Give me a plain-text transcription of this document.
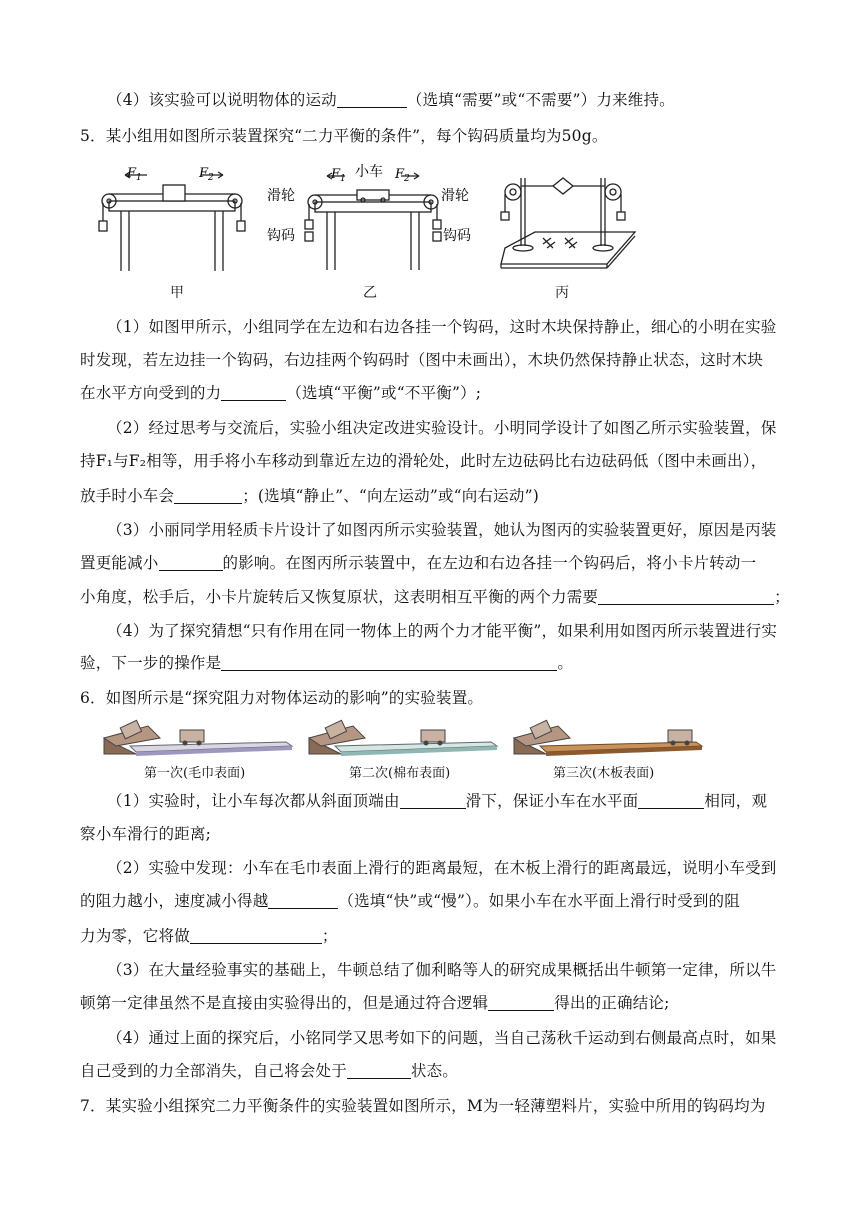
（4）该实验可以说明物体的运动	（选填“需要”或“不需要”）力来维持。
5．某小组用如图所示装置探究“二力平衡的条件”，每个钩码质量均为50g。
$F_1$	$F_2$
甲
$F_1$	$F_2$
小车
滑轮	滑轮
钩码	钩码
乙	丙
（1）如图甲所示，小组同学在左边和右边各挂一个钩码，这时木块保持静止，细心的小明在实验
时发现，若左边挂一个钩码，右边挂两个钩码时（图中未画出），木块仍然保持静止状态，这时木块
在水平方向受到的力	（选填“平衡”或“不平衡”）;
（2）经过思考与交流后，实验小组决定改进实验设计。小明同学设计了如图乙所示实验装置，保
持F₁与F₂相等，用手将小车移动到靠近左边的滑轮处，此时左边砝码比右边砝码低（图中未画出），
放手时小车会	；(选填“静止”、“向左运动”或“向右运动”)
（3）小丽同学用轻质卡片设计了如图丙所示实验装置，她认为图丙的实验装置更好，原因是丙装
置更能减小	的影响。在图丙所示装置中，在左边和右边各挂一个钩码后，将小卡片转动一
小角度，松手后，小卡片旋转后又恢复原状，这表明相互平衡的两个力需要	；
（4）为了探究猜想“只有作用在同一物体上的两个力才能平衡”，如果利用如图丙所示装置进行实
验，下一步的操作是	。
6．如图所示是“探究阻力对物体运动的影响”的实验装置。
第一次(毛巾表面)	第二次(棉布表面)	第三次(木板表面)
（1）实验时，让小车每次都从斜面顶端由	滑下，保证小车在水平面	相同，观
察小车滑行的距离;
（2）实验中发现：小车在毛巾表面上滑行的距离最短，在木板上滑行的距离最远，说明小车受到
的阻力越小，速度减小得越	（选填“快”或“慢”）。如果小车在水平面上滑行时受到的阻
力为零，它将做	；
（3）在大量经验事实的基础上，牛顿总结了伽利略等人的研究成果概括出牛顿第一定律，所以牛
顿第一定律虽然不是直接由实验得出的，但是通过符合逻辑	得出的正确结论;
（4）通过上面的探究后，小铭同学又思考如下的问题，当自己荡秋千运动到右侧最高点时，如果
自己受到的力全部消失，自己将会处于	状态。
7．某实验小组探究二力平衡条件的实验装置如图所示，M为一轻薄塑料片，实验中所用的钩码均为
